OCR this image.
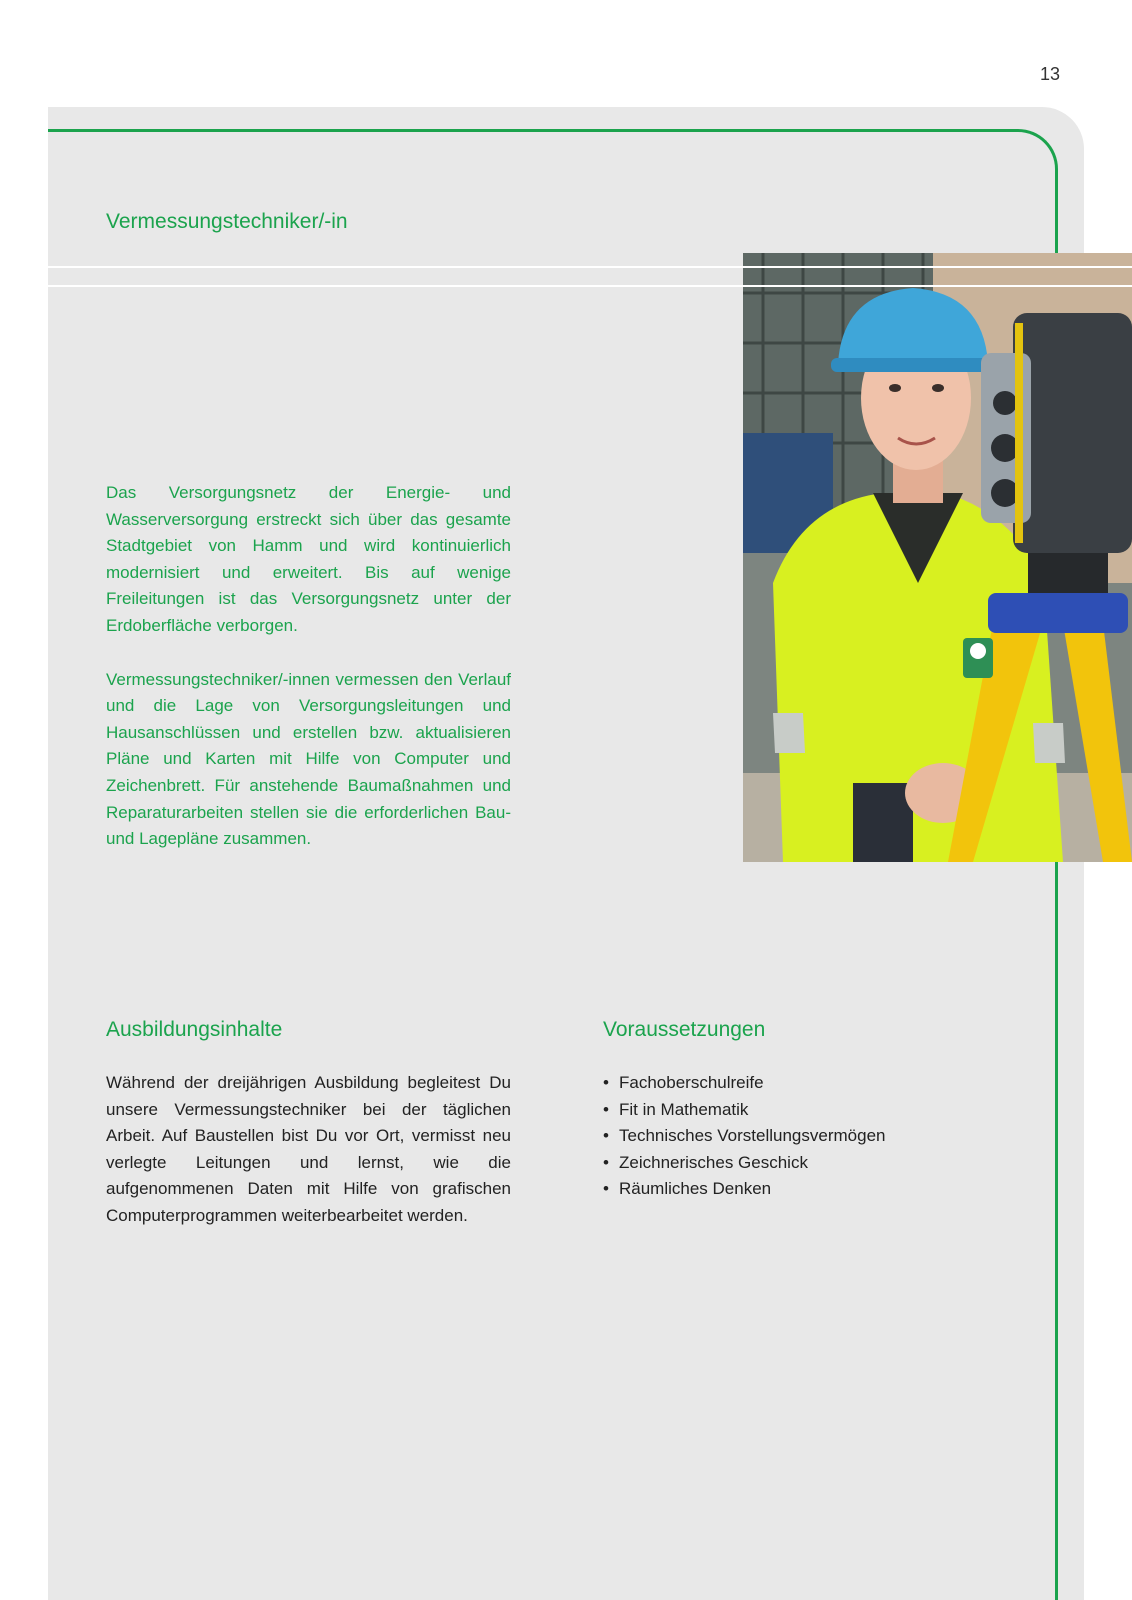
13
Vermessungstechniker/-in

Das Versorgungsnetz der Energie- und Wasserversorgung erstreckt sich über das gesamte Stadtgebiet von Hamm und wird kontinuierlich modernisiert und erweitert. Bis auf wenige Freileitungen ist das Versorgungsnetz unter der Erdoberfläche verborgen.

Vermessungstechniker/-innen vermessen den Verlauf und die Lage von Versorgungsleitungen und Hausanschlüssen und erstellen bzw. aktualisieren Pläne und Karten mit Hilfe von Computer und Zeichenbrett. Für anstehende Baumaßnahmen und Reparaturarbeiten stellen sie die erforderlichen Bau- und Lagepläne zusammen.

Ausbildungsinhalte

Während der dreijährigen Ausbildung begleitest Du unsere Vermessungstechniker bei der täglichen Arbeit. Auf Baustellen bist Du vor Ort, vermisst neu verlegte Leitungen und lernst, wie die aufgenommenen Daten mit Hilfe von grafischen Computerprogrammen weiterbearbeitet werden.

Voraussetzungen
• Fachoberschulreife
• Fit in Mathematik
• Technisches Vorstellungsvermögen
• Zeichnerisches Geschick
• Räumliches Denken
